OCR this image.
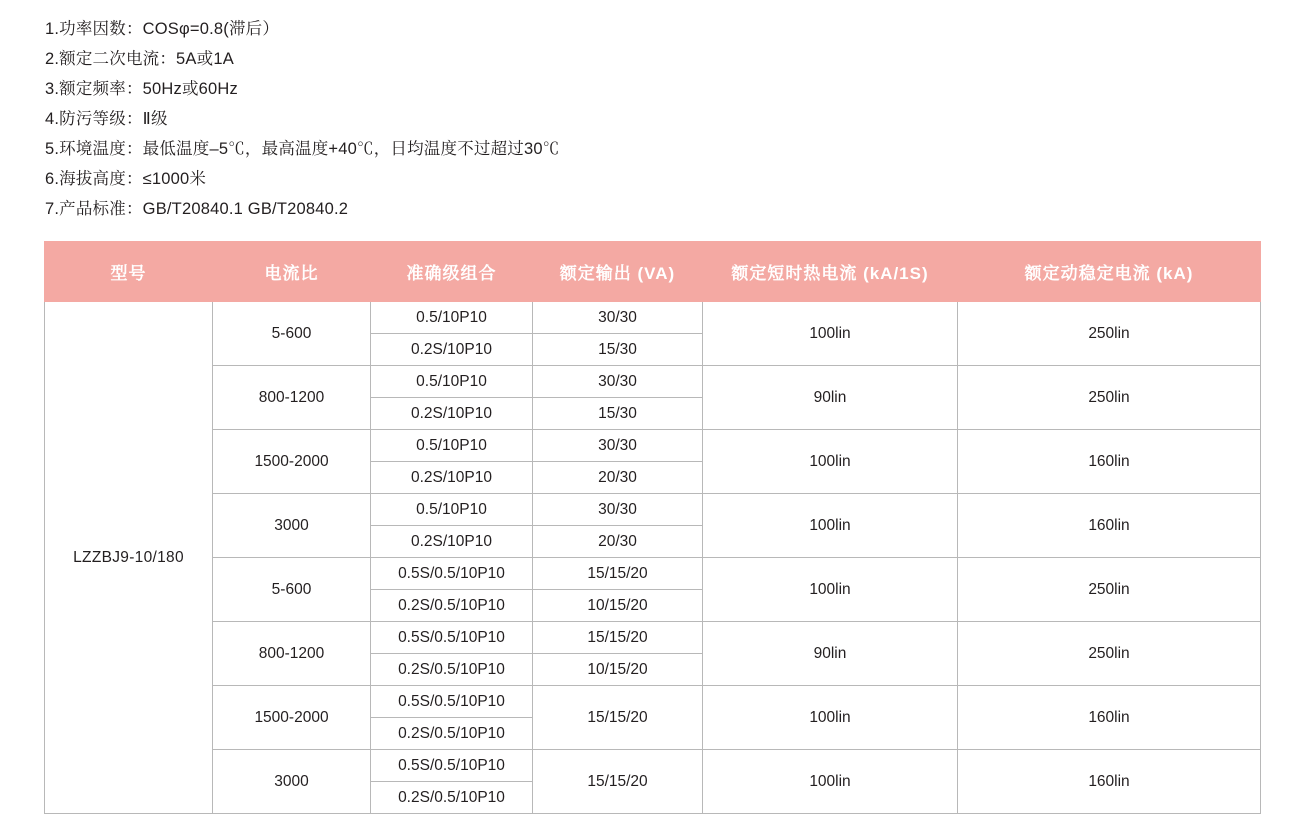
1.功率因数：COSφ=0.8(滞后）
2.额定二次电流：5A或1A
3.额定频率：50Hz或60Hz
4.防污等级：Ⅱ级
5.环境温度：最低温度–5℃，最高温度+40℃，日均温度不过超过30℃
6.海拔高度：≤1000米
7.产品标准：GB/T20840.1 GB/T20840.2
型号	电流比	准确级组合	额定输出 (VA)	额定短时热电流 (kA/1S)	额定动稳定电流 (kA)
LZZBJ9-10/180	5-600	0.5/10P10	30/30	100lin	250lin
		0.2S/10P10	15/30		
	800-1200	0.5/10P10	30/30	90lin	250lin
		0.2S/10P10	15/30		
	1500-2000	0.5/10P10	30/30	100lin	160lin
		0.2S/10P10	20/30		
	3000	0.5/10P10	30/30	100lin	160lin
		0.2S/10P10	20/30		
	5-600	0.5S/0.5/10P10	15/15/20	100lin	250lin
		0.2S/0.5/10P10	10/15/20		
	800-1200	0.5S/0.5/10P10	15/15/20	90lin	250lin
		0.2S/0.5/10P10	10/15/20		
	1500-2000	0.5S/0.5/10P10	15/15/20	100lin	160lin
		0.2S/0.5/10P10			
	3000	0.5S/0.5/10P10	15/15/20	100lin	160lin
		0.2S/0.5/10P10			
